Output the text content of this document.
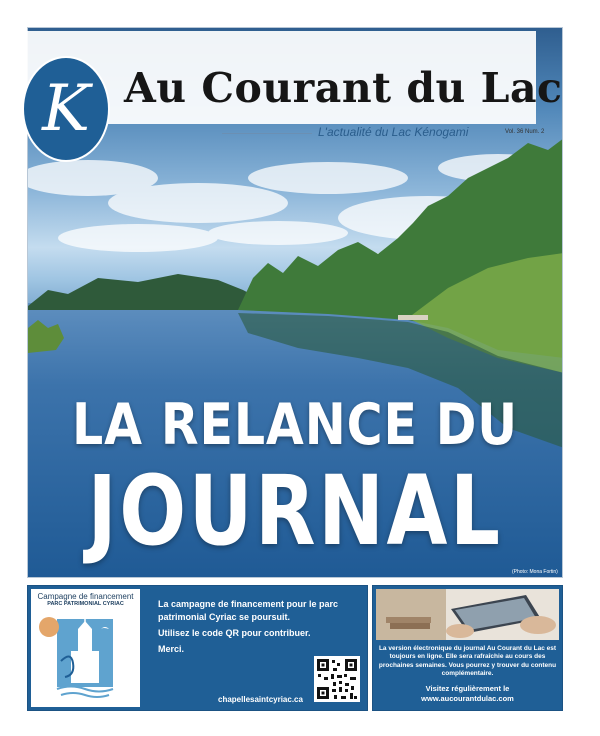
K Au Courant du Lac
L'actualité du Lac Kénogami	Vol. 36 Num. 2
LA RELANCE DU
JOURNAL
(Photo: Mona Fortin)
Campagne de financement
PARC PATRIMONIAL CYRIAC	La campagne de financement pour le parc patrimonial Cyriac se poursuit.

Utilisez le code QR pour contribuer.

Merci.

chapellesaintcyriac.ca
La version électronique du journal Au Courant du Lac est toujours en ligne. Elle sera rafraîchie au cours des prochaines semaines. Vous pourrez y trouver du contenu complémentaire.
Visitez régulièrement le
www.aucourantdulac.com
